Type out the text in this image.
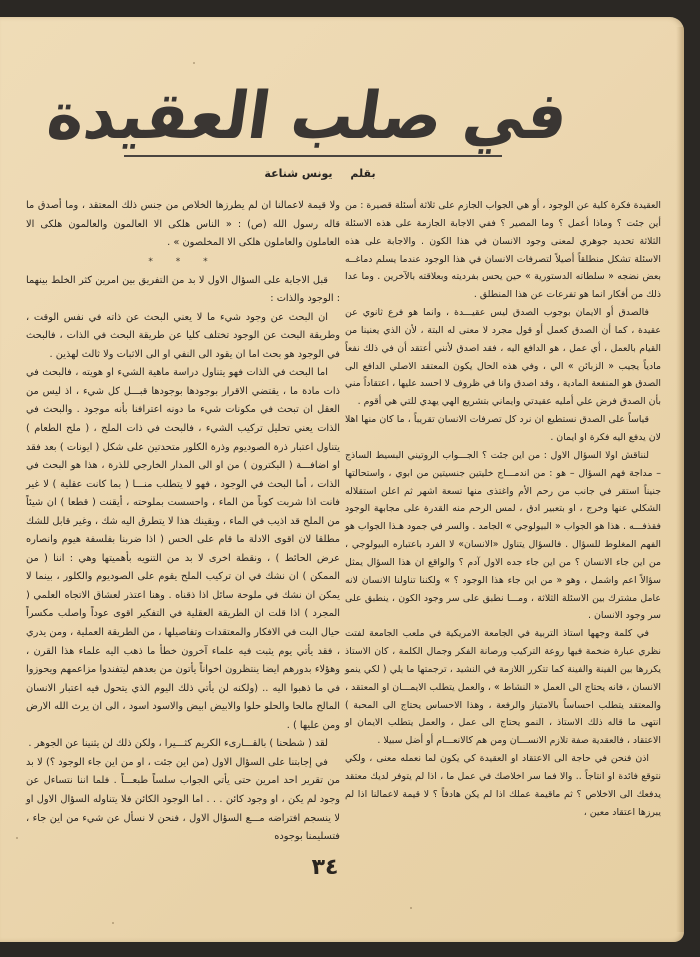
في صلب العقيدة
بقلم يونس شناعة

العقيدة فكرة كلية عن الوجود ، أو هي الجواب الجازم على ثلاثة أسئلة قصيرة : من أين جئت ؟ وماذا أعمل ؟ وما المصير ؟ ففي الاجابة الجازمة على هذه الاسئلة الثلاثة تحديد جوهري لمعنى وجود الانسان في هذا الكون . والاجابة على هذه الاسئلة تشكل منطلقاً أصيلاً لتصرفات الانسان في هذا الوجود عندما يسلم دماغــه بعض نضجه « سلطاته الدستورية » حين يحس بفرديته وبعلاقته بالآخرين . وما عدا ذلك من أفكار انما هو تفرعات عن هذا المنطلق .

فالصدق أو الايمان بوجوب الصدق ليس عقيـــدة ، وانما هو فرع ثانوي عن عقيدة ، كما أن الصدق كعمل أو قول مجرد لا معنى له البتة ، لأن الذي يعنينا من القيام بالعمل ، أي عمل ، هو الدافع اليه ، فقد اصدق لأنني أعتقد أن في ذلك نفعاً مادياً يجيب « الزبائن » الي ، وفي هذه الحال يكون المعتقد الاصلي الدافع الى الصدق هو المنفعة المادية ، وقد اصدق وانا في ظروف لا احسد عليها ، اعتقاداً مني بأن الصدق فرض علي أمليه عقيدتي وايماني بتشريع الهي يهدي للتي هي أقوم .

قياساً على الصدق نستطيع ان نرد كل تصرفات الانسان تقريباً ، ما كان منها اهلا لان يدفع اليه فكرة او ايمان .

لنناقش اولا السؤال الاول : من اين جئت ؟ الجـــواب الروتيني البسيط الساذج – مداجة فهم السؤال – هو : من اندمـــاج خليتين جنسيتين من ابوي ، واستحالتها جنيناً استقر في جانب من رحم الأم واغتذى منها تسعة اشهر ثم اعلن استقلاله الشكلي عنها وخرج ، او بتعبير ادق ، لمس الرحم منه القدرة على مجابهة الوجود فقذفـــه . هذا هو الجواب « البيولوجي » الجامد . والسر في جمود هـذا الجواب هو الفهم المغلوط للسؤال . فالسؤال يتناول «الانسان» لا الفرد باعتباره البيولوجي ، من اين جاء الانسان ؟ من اين جاء جده الاول آدم ؟ والواقع ان هذا السؤال يمثل سؤالاً اعم واشمل ، وهو « من اين جاء هذا الوجود ؟ » ولكننا تناولنا الانسان لانه عامل مشترك بين الاسئلة الثلاثة ، ومـــا نطبق على سر وجود الكون ، ينطبق على سر وجود الانسان .

في كلمة وجهها استاذ التربية في الجامعة الامريكية في ملعب الجامعة لفتت نظري عبارة ضخمة فيها روعة التركيب ورصانة الفكر وجمال الكلمة ، كان الاستاذ يكررها بين الفينة والفينة كما تتكرر اللازمة في النشيد ، ترجمتها ما يلي ( لكي ينمو الانسان ، فانه يحتاج الى العمل « النشاط » ، والعمل يتطلب الايمـــان او المعتقد ، والمعتقد يتطلب احساساً بالامتياز والرفعة ، وهذا الاحساس يحتاج الى المحبة ) انتهى ما قاله ذلك الاستاذ ، النمو يحتاج الى عمل ، والعمل يتطلب الايمان او الاعتقاد ، فالعقدية صفة تلازم الانســـان ومن هم كالانعـــام أو أضل سبيلا .

اذن فنحن في حاجة الى الاعتقاد او العقيدة كي يكون لما نعمله معنى ، ولكي نتوقع فائدة او انتاجاً .. والا فما سر اخلاصك في عمل ما ، اذا لم يتوفر لديك معتقد يدفعك الى الاخلاص ؟ ثم ماقيمة عملك اذا لم يكن هادفاً ؟ لا قيمة لاعمالنا اذا لم يبرزها اعتقاد معين ،

ولا قيمة لاعمالنا ان لم يطرزها الخلاص من جنس ذلك المعتقد ، وما أصدق ما قاله رسول الله (ص) : « الناس هلكى الا العالمون والعالمون هلكى الا العاملون والعاملون هلكى الا المخلصون » .

* * *

قبل الاجابة على السؤال الاول لا بد من التفريق بين امرين كثر الخلط بينهما : الوجود والذات :

ان البحث عن وجود شيء ما لا يعني البحث عن ذاته في نفس الوقت ، وطريقة البحث عن الوجود تختلف كليا عن طريقة البحث في الذات ، فالبحث في الوجود هو بحث اما ان يقود الى النفي او الى الاثبات ولا ثالث لهذين .

اما البحث في الذات فهو يتناول دراسة ماهية الشيء او هويته ، فالبحث في ذات مادة ما ، يقتضي الاقرار بوجودها بوجودها قبـــل كل شيء ، اذ ليس من العقل ان تبحث في مكونات شيء ما دونه اعترافنا بأنه موجود . والبحث في الذات يعني تحليل تركيب الشيء ، فالبحث في ذات الملح ، ( ملح الطعام ) يتناول اعتبار ذرة الصوديوم وذرة الكلور متحدتين على شكل ( ايونات ) بعد فقد او اضافـــة ( البكترون ) من او الى المدار الخارجي للذرة ، هذا هو البحث في الذات ، أما البحث في الوجود ، فهو لا يتطلب منـــا ( بما كانت عقلية ) لا غير فانت اذا شربت كوباً من الماء ، واحسست بملوحته ، أيقنت ( قطعا ) ان شيئاً من الملح قد اذيب في الماء ، ويقينك هذا لا يتطرق اليه شك ، وغير قابل للشك مطلقا لان اقوى الادلة ما قام على الحس ( اذا ضربنا بفلسفة هيوم وانصاره عرض الحائط ) ، ونقطة اخرى لا بد من التنويه بأهميتها وهي : اننا ( من الممكن ) ان نشك في ان تركيب الملح يقوم على الصوديوم والكلور ، بينما لا يمكن ان نشك في ملوحة سائل اذا ذقناه . وهنا اعتذر لعشاق الاتجاه العلمي ( المجرد ) اذا قلت ان الطريقة العقلية في التفكير اقوى عوداً واصلب مكسراً حيال البت في الافكار والمعتقدات وتفاصيلها ، من الطريقة العملية ، ومن يدري ، فقد يأتي يوم يثبت فيه علماء آخرون خطأ ما ذهب اليه علماء هذا القرن ، وهؤلاء بدورهم ايضا ينتظرون اخواناً يأتون من بعدهم ليتفندوا مزاعمهم ويحوزوا في ما ذهبوا اليه .. (ولكنه لن يأتي ذلك اليوم الذي يتحول فيه اعتبار الانسان المالح مالحا والحلو حلوا والابيض ابيض والاسود اسود ، الى ان يرث الله الارض ومن عليها ) .

لقد ( شطحنا ) بالقـــارىء الكريم كثـــيرا ، ولكن ذلك لن يثنينا عن الجوهر .

في إجابتنا على السؤال الاول (من اين جئت ، او من اين جاء الوجود ؟) لا بد من تقرير احد امرين حتى يأتي الجواب سلساً طبعـــاً . فلما اننا نتساءل عن وجود لم يكن ، او وجود كائن . . . اما الوجود الكائن فلا يتناوله السؤال الاول او لا ينسجم افتراضه مـــع السؤال الاول ، فنحن لا نسأل عن شيء من اين جاء ، فتسليمنا بوجوده

٣٤
